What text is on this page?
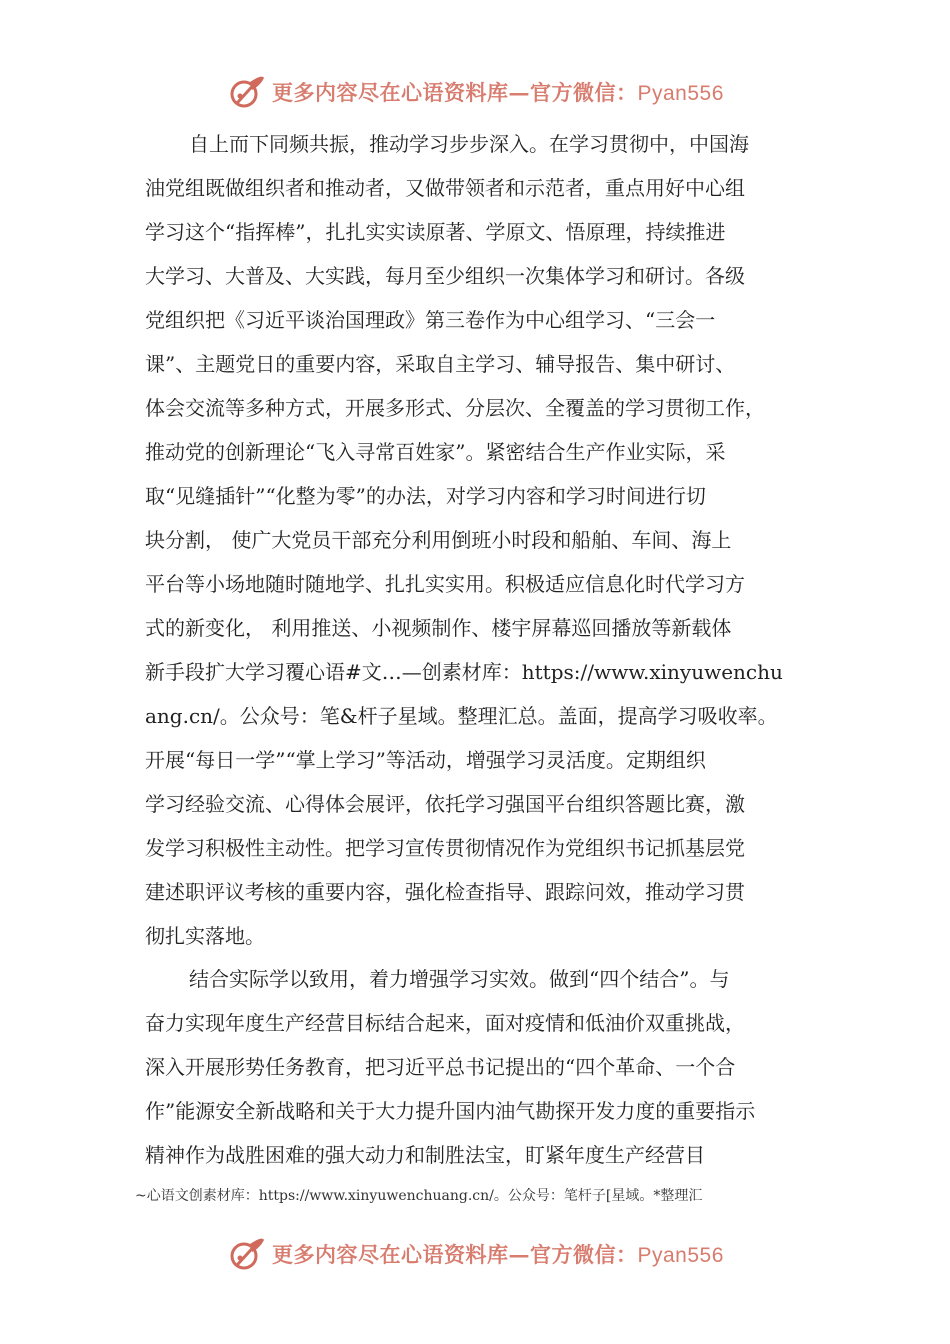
更多内容尽在心语资料库—官方微信：Pyan556
自上而下同频共振，推动学习步步深入。在学习贯彻中，中国海
油党组既做组织者和推动者，又做带领者和示范者，重点用好中心组
学习这个“指挥棒”，扎扎实实读原著、学原文、悟原理，持续推进
大学习、大普及、大实践，每月至少组织一次集体学习和研讨。各级
党组织把《习近平谈治国理政》第三卷作为中心组学习、“三会一
课”、主题党日的重要内容，采取自主学习、辅导报告、集中研讨、
体会交流等多种方式，开展多形式、分层次、全覆盖的学习贯彻工作，
推动党的创新理论“飞入寻常百姓家”。紧密结合生产作业实际，采
取“见缝插针”“化整为零”的办法，对学习内容和学习时间进行切
块分割， 使广大党员干部充分利用倒班小时段和船舶、车间、海上
平台等小场地随时随地学、扎扎实实用。积极适应信息化时代学习方
式的新变化， 利用推送、小视频制作、楼宇屏幕巡回播放等新载体
新手段扩大学习覆心语#文…—创素材库：https://www.xinyuwenchu
ang.cn/。公众号：笔&杆子星域。整理汇总。盖面，提高学习吸收率。
开展“每日一学”“掌上学习”等活动，增强学习灵活度。定期组织
学习经验交流、心得体会展评，依托学习强国平台组织答题比赛，激
发学习积极性主动性。把学习宣传贯彻情况作为党组织书记抓基层党
建述职评议考核的重要内容，强化检查指导、跟踪问效，推动学习贯
彻扎实落地。
结合实际学以致用，着力增强学习实效。做到“四个结合”。与
奋力实现年度生产经营目标结合起来，面对疫情和低油价双重挑战，
深入开展形势任务教育，把习近平总书记提出的“四个革命、一个合
作”能源安全新战略和关于大力提升国内油气勘探开发力度的重要指示
精神作为战胜困难的强大动力和制胜法宝，盯紧年度生产经营目
~心语文创素材库：https://www.xinyuwenchuang.cn/。公众号：笔杆子[星域。*整理汇
更多内容尽在心语资料库—官方微信：Pyan556
